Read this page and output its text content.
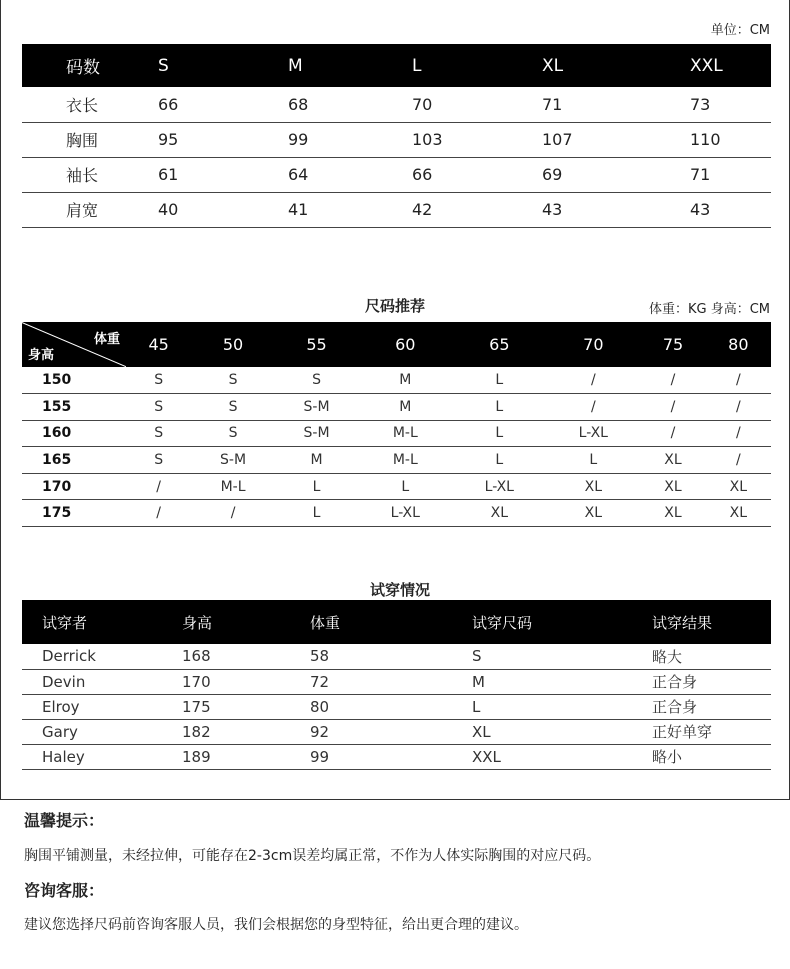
单位：CM
码数	S	M	L	XL	XXL
衣长	66	68	70	71	73
胸围	95	99	103	107	110
袖长	61	64	66	69	71
肩宽	40	41	42	43	43
尺码推荐	体重：KG 身高：CM
体重
身高	45	50	55	60	65	70	75	80
150	S	S	S	M	L	/	/	/
155	S	S	S-M	M	L	/	/	/
160	S	S	S-M	M-L	L	L-XL	/	/
165	S	S-M	M	M-L	L	L	XL	/
170	/	M-L	L	L	L-XL	XL	XL	XL
175	/	/	L	L-XL	XL	XL	XL	XL
试穿情况
试穿者	身高	体重	试穿尺码	试穿结果
Derrick	168	58	S	略大
Devin	170	72	M	正合身
Elroy	175	80	L	正合身
Gary	182	92	XL	正好单穿
Haley	189	99	XXL	略小
温馨提示：
胸围平铺测量，未经拉伸，可能存在2-3cm误差均属正常，不作为人体实际胸围的对应尺码。
咨询客服：
建议您选择尺码前咨询客服人员，我们会根据您的身型特征，给出更合理的建议。
